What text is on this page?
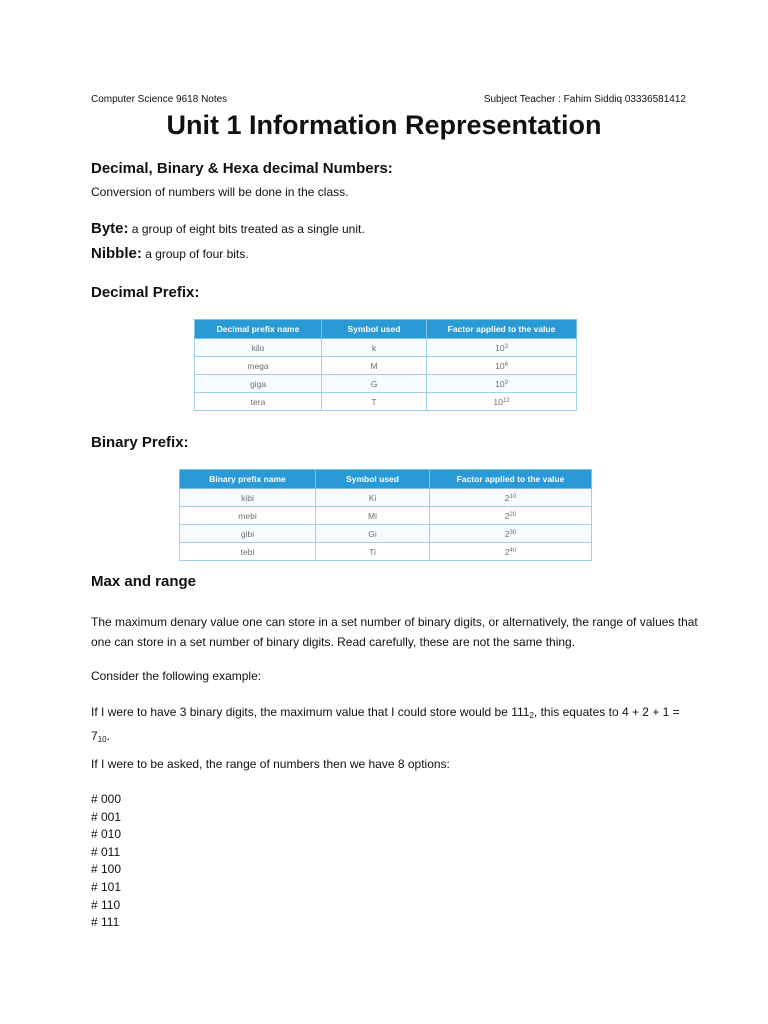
Computer Science 9618 Notes	Subject Teacher : Fahim Siddiq 03336581412
Unit 1 Information Representation
Decimal, Binary & Hexa decimal Numbers:
Conversion of numbers will be done in the class.
Byte: a group of eight bits treated as a single unit.
Nibble: a group of four bits.
Decimal Prefix:
Decimal prefix name	Symbol used	Factor applied to the value
kilo	k	$10^3$
mega	M	$10^6$
giga	G	$10^9$
tera	T	$10^{12}$
Binary Prefix:
Binary prefix name	Symbol used	Factor applied to the value
kibi	Ki	$2^{10}$
mebi	Mi	$2^{20}$
gibi	Gi	$2^{30}$
tebi	Ti	$2^{40}$
Max and range
The maximum denary value one can store in a set number of binary digits, or alternatively, the range of values that one can store in a set number of binary digits. Read carefully, these are not the same thing.
Consider the following example:
If I were to have 3 binary digits, the maximum value that I could store would be $111_2$, this equates to $4 + 2 + 1 = 7_{10}$.
If I were to be asked, the range of numbers then we have 8 options:
# 000
# 001
# 010
# 011
# 100
# 101
# 110
# 111
